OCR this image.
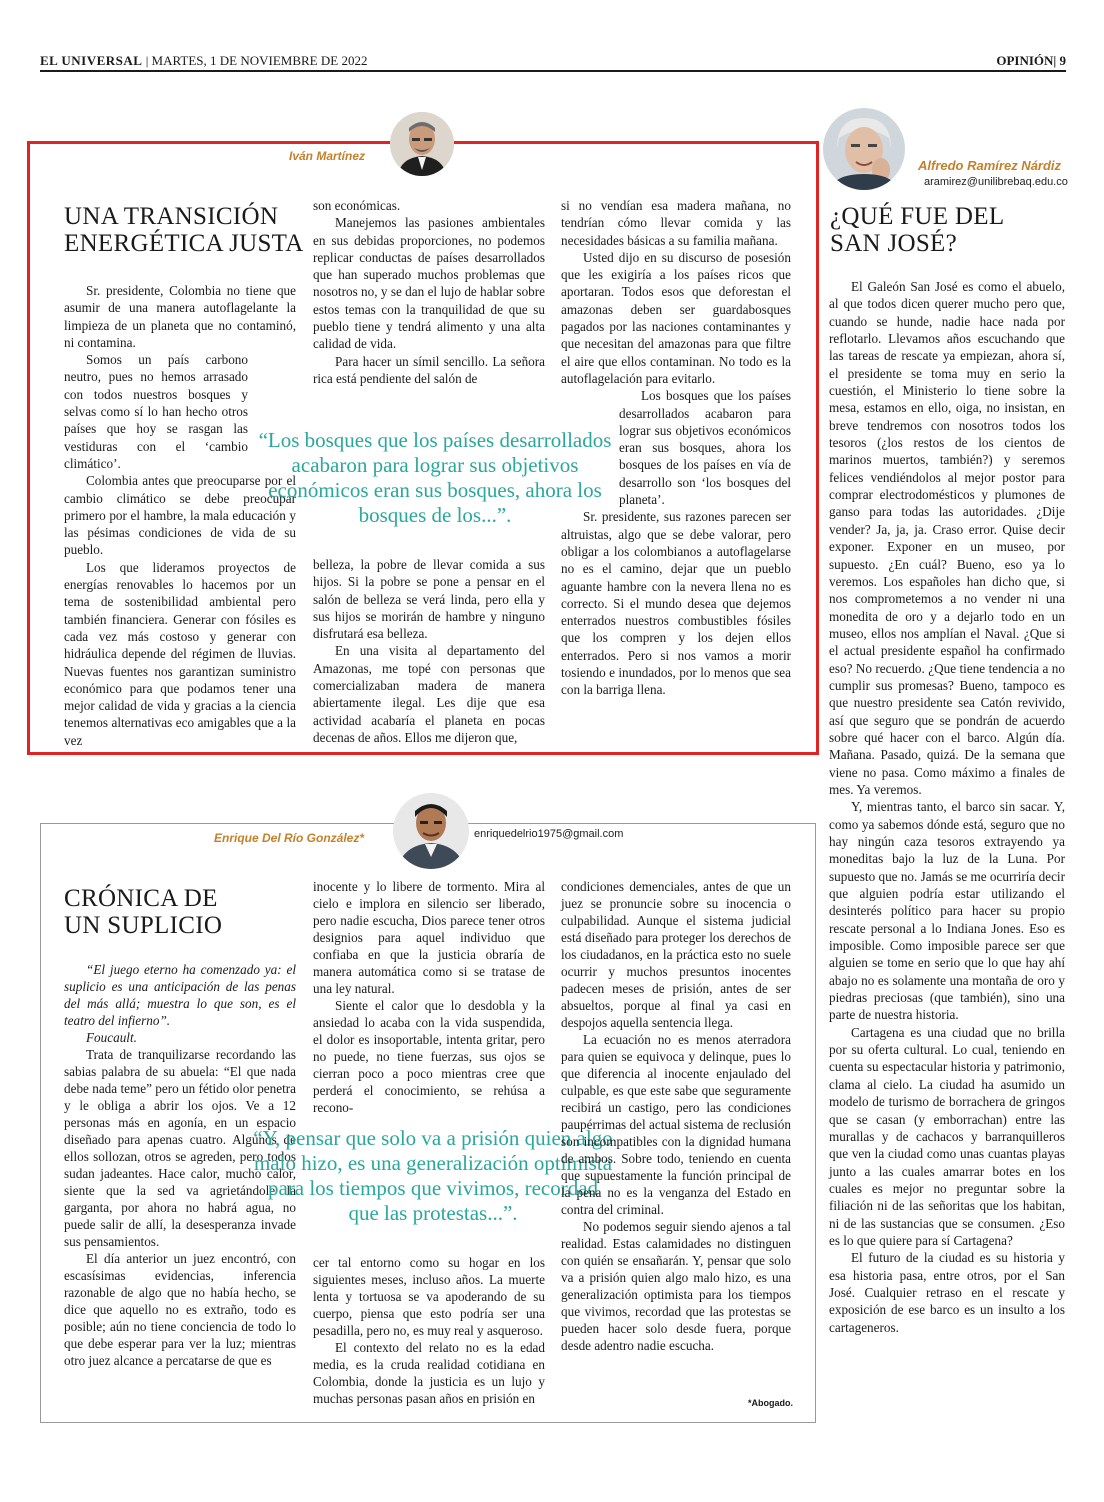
EL UNIVERSAL | MARTES, 1 DE NOVIEMBRE DE 2022	OPINIÓN| 9
Iván Martínez
UNA TRANSICIÓN
ENERGÉTICA JUSTA

Sr. presidente, Colombia no tiene que asumir de una manera autoflagelante la limpieza de un planeta que no contaminó, ni contamina.

Somos un país carbono neutro, pues no hemos arrasado con todos nuestros bosques y selvas como sí lo han hecho otros países que hoy se rasgan las vestiduras con el ‘cambio climático’.

Colombia antes que preocuparse por el cambio climático se debe preocupar primero por el hambre, la mala educación y las pésimas condiciones de vida de su pueblo.

Los que lideramos proyectos de energías renovables lo hacemos por un tema de sostenibilidad ambiental pero también financiera. Generar con fósiles es cada vez más costoso y generar con hidráulica depende del régimen de lluvias. Nuevas fuentes nos garantizan suministro económico para que podamos tener una mejor calidad de vida y gracias a la ciencia tenemos alternativas eco amigables que a la vez

son económicas.

Manejemos las pasiones ambientales en sus debidas proporciones, no podemos replicar conductas de países desarrollados que han superado muchos problemas que nosotros no, y se dan el lujo de hablar sobre estos temas con la tranquilidad de que su pueblo tiene y tendrá alimento y una alta calidad de vida.

Para hacer un símil sencillo. La señora rica está pendiente del salón de

“Los bosques que los países desarrollados acabaron para lograr sus objetivos económicos eran sus bosques, ahora los bosques de los...”.

belleza, la pobre de llevar comida a sus hijos. Si la pobre se pone a pensar en el salón de belleza se verá linda, pero ella y sus hijos se morirán de hambre y ninguno disfrutará esa belleza.

En una visita al departamento del Amazonas, me topé con personas que comercializaban madera de manera abiertamente ilegal. Les dije que esa actividad acabaría el planeta en pocas decenas de años. Ellos me dijeron que,

si no vendían esa madera mañana, no tendrían cómo llevar comida y las necesidades básicas a su familia mañana.

Usted dijo en su discurso de posesión que les exigiría a los países ricos que aportaran. Todos esos que deforestan el amazonas deben ser guardabosques pagados por las naciones contaminantes y que necesitan del amazonas para que filtre el aire que ellos contaminan. No todo es la autoflagelación para evitarlo.

Los bosques que los países desarrollados acabaron para lograr sus objetivos económicos eran sus bosques, ahora los bosques de los países en vía de desarrollo son ‘los bosques del planeta’.

Sr. presidente, sus razones parecen ser altruistas, algo que se debe valorar, pero obligar a los colombianos a autoflagelarse no es el camino, dejar que un pueblo aguante hambre con la nevera llena no es correcto. Si el mundo desea que dejemos enterrados nuestros combustibles fósiles que los compren y los dejen ellos enterrados. Pero si nos vamos a morir tosiendo e inundados, por lo menos que sea con la barriga llena.

Alfredo Ramírez Nárdiz
aramirez@unilibrebaq.edu.co
¿QUÉ FUE DEL
SAN JOSÉ?

El Galeón San José es como el abuelo, al que todos dicen querer mucho pero que, cuando se hunde, nadie hace nada por reflotarlo. Llevamos años escuchando que las tareas de rescate ya empiezan, ahora sí, el presidente se toma muy en serio la cuestión, el Ministerio lo tiene sobre la mesa, estamos en ello, oiga, no insistan, en breve tendremos con nosotros todos los tesoros (¿los restos de los cientos de marinos muertos, también?) y seremos felices vendiéndolos al mejor postor para comprar electrodomésticos y plumones de ganso para todas las autoridades. ¿Dije vender? Ja, ja, ja. Craso error. Quise decir exponer. Exponer en un museo, por supuesto. ¿En cuál? Bueno, eso ya lo veremos. Los españoles han dicho que, si nos comprometemos a no vender ni una monedita de oro y a dejarlo todo en un museo, ellos nos amplían el Naval. ¿Que si el actual presidente español ha confirmado eso? No recuerdo. ¿Que tiene tendencia a no cumplir sus promesas? Bueno, tampoco es que nuestro presidente sea Catón revivido, así que seguro que se pondrán de acuerdo sobre qué hacer con el barco. Algún día. Mañana. Pasado, quizá. De la semana que viene no pasa. Como máximo a finales de mes. Ya veremos.

Y, mientras tanto, el barco sin sacar. Y, como ya sabemos dónde está, seguro que no hay ningún caza tesoros extrayendo ya moneditas bajo la luz de la Luna. Por supuesto que no. Jamás se me ocurriría decir que alguien podría estar utilizando el desinterés político para hacer su propio rescate personal a lo Indiana Jones. Eso es imposible. Como imposible parece ser que alguien se tome en serio que lo que hay ahí abajo no es solamente una montaña de oro y piedras preciosas (que también), sino una parte de nuestra historia.

Cartagena es una ciudad que no brilla por su oferta cultural. Lo cual, teniendo en cuenta su espectacular historia y patrimonio, clama al cielo. La ciudad ha asumido un modelo de turismo de borrachera de gringos que se casan (y emborrachan) entre las murallas y de cachacos y barranquilleros que ven la ciudad como unas cuantas playas junto a las cuales amarrar botes en los cuales es mejor no preguntar sobre la filiación ni de las señoritas que los habitan, ni de las sustancias que se consumen. ¿Eso es lo que quiere para sí Cartagena?

El futuro de la ciudad es su historia y esa historia pasa, entre otros, por el San José. Cualquier retraso en el rescate y exposición de ese barco es un insulto a los cartageneros.

Enrique Del Río González*	enriquedelrio1975@gmail.com
CRÓNICA DE
UN SUPLICIO

“El juego eterno ha comenzado ya: el suplicio es una anticipación de las penas del más allá; muestra lo que son, es el teatro del infierno”.

Foucault.

Trata de tranquilizarse recordando las sabias palabra de su abuela: “El que nada debe nada teme” pero un fétido olor penetra y le obliga a abrir los ojos. Ve a 12 personas más en agonía, en un espacio diseñado para apenas cuatro. Algunos de ellos sollozan, otros se agreden, pero todos sudan jadeantes. Hace calor, mucho calor, siente que la sed va agrietándole la garganta, por ahora no habrá agua, no puede salir de allí, la desesperanza invade sus pensamientos.

El día anterior un juez encontró, con escasísimas evidencias, inferencia razonable de algo que no había hecho, se dice que aquello no es extraño, todo es posible; aún no tiene conciencia de todo lo que debe esperar para ver la luz; mientras otro juez alcance a percatarse de que es

inocente y lo libere de tormento. Mira al cielo e implora en silencio ser liberado, pero nadie escucha, Dios parece tener otros designios para aquel individuo que confiaba en que la justicia obraría de manera automática como si se tratase de una ley natural.

Siente el calor que lo desdobla y la ansiedad lo acaba con la vida suspendida, el dolor es insoportable, intenta gritar, pero no puede, no tiene fuerzas, sus ojos se cierran poco a poco mientras cree que perderá el conocimiento, se rehúsa a recono-

“Y, pensar que solo va a prisión quien algo malo hizo, es una generalización optimista para los tiempos que vivimos, recordad que las protestas...”.

cer tal entorno como su hogar en los siguientes meses, incluso años. La muerte lenta y tortuosa se va apoderando de su cuerpo, piensa que esto podría ser una pesadilla, pero no, es muy real y asqueroso.

El contexto del relato no es la edad media, es la cruda realidad cotidiana en Colombia, donde la justicia es un lujo y muchas personas pasan años en prisión en

condiciones demenciales, antes de que un juez se pronuncie sobre su inocencia o culpabilidad. Aunque el sistema judicial está diseñado para proteger los derechos de los ciudadanos, en la práctica esto no suele ocurrir y muchos presuntos inocentes padecen meses de prisión, antes de ser absueltos, porque al final ya casi en despojos aquella sentencia llega.

La ecuación no es menos aterradora para quien se equivoca y delinque, pues lo que diferencia al inocente enjaulado del culpable, es que este sabe que seguramente recibirá un castigo, pero las condiciones paupérrimas del actual sistema de reclusión son incompatibles con la dignidad humana de ambos. Sobre todo, teniendo en cuenta que supuestamente la función principal de la pena no es la venganza del Estado en contra del criminal.

No podemos seguir siendo ajenos a tal realidad. Estas calamidades no distinguen con quién se ensañarán. Y, pensar que solo va a prisión quien algo malo hizo, es una generalización optimista para los tiempos que vivimos, recordad que las protestas se pueden hacer solo desde fuera, porque desde adentro nadie escucha.

*Abogado.
